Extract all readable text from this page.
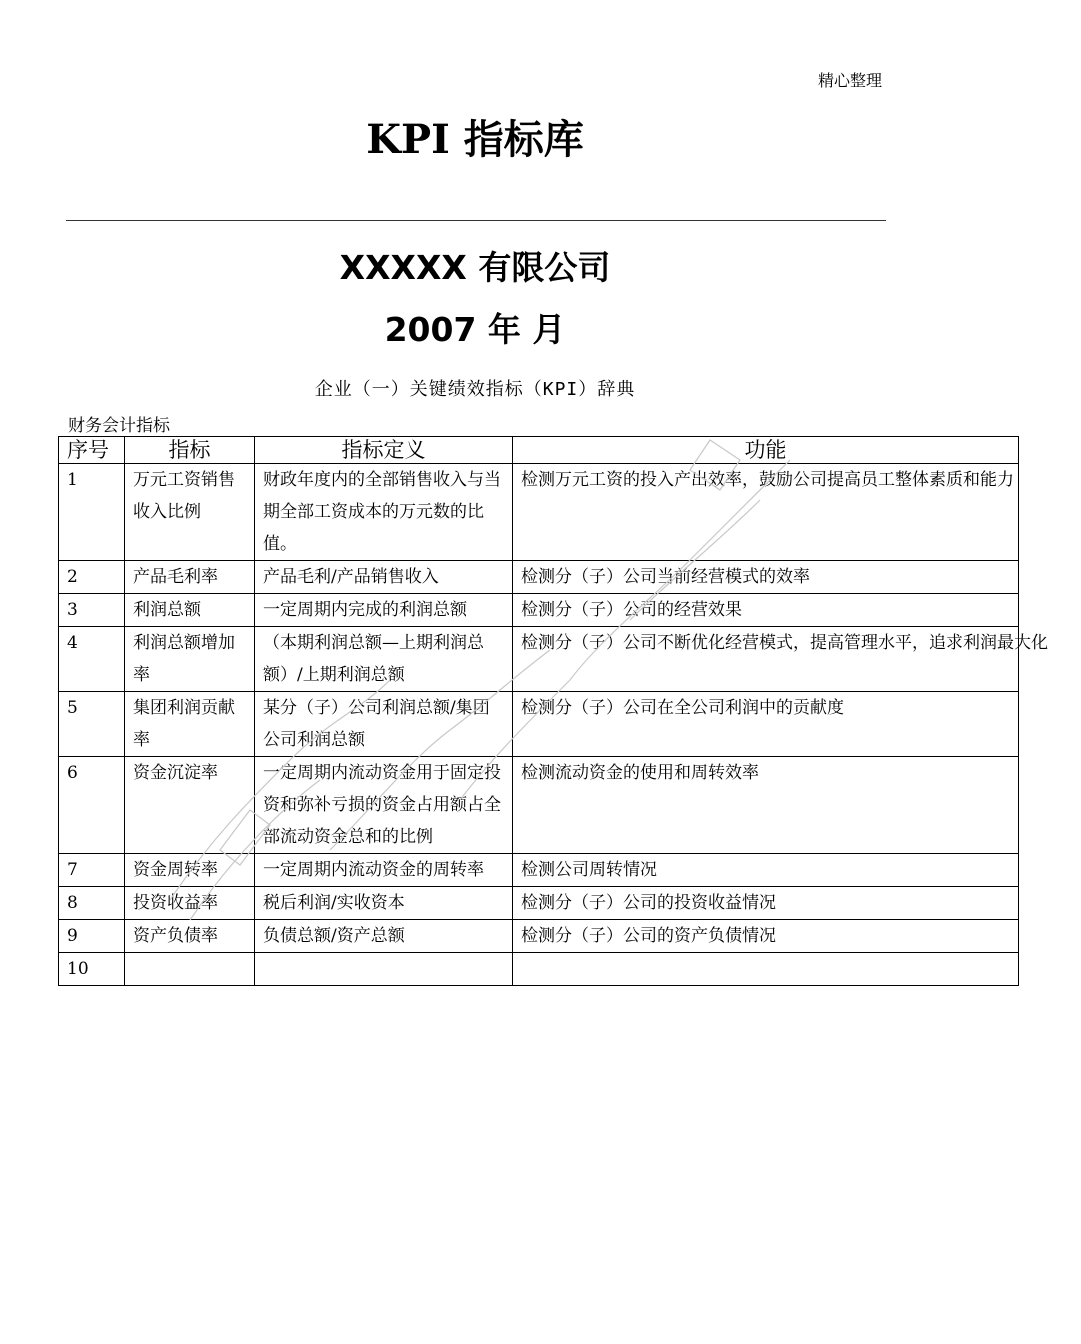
精心整理
KPI 指标库
XXXXX 有限公司
2007 年 月
企业（一）关键绩效指标（KPI）辞典
财务会计指标
序号	指标	指标定义	功能
1	万元工资销售收入比例	财政年度内的全部销售收入与当期全部工资成本的万元数的比值。	检测万元工资的投入产出效率，鼓励公司提高员工整体素质和能力

2	产品毛利率	产品毛利/产品销售收入	检测分（子）公司当前经营模式的效率
3	利润总额	一定周期内完成的利润总额	检测分（子）公司的经营效果
4	利润总额增加率	（本期利润总额—上期利润总额）/上期利润总额	检测分（子）公司不断优化经营模式，提高管理水平，追求利润最大化

5	集团利润贡献率	某分（子）公司利润总额/集团公司利润总额	检测分（子）公司在全公司利润中的贡献度
6	资金沉淀率	一定周期内流动资金用于固定投资和弥补亏损的资金占用额占全部流动资金总和的比例	检测流动资金的使用和周转效率
7	资金周转率	一定周期内流动资金的周转率	检测公司周转情况
8	投资收益率	税后利润/实收资本	检测分（子）公司的投资收益情况
9	资产负债率	负债总额/资产总额	检测分（子）公司的资产负债情况
10			
